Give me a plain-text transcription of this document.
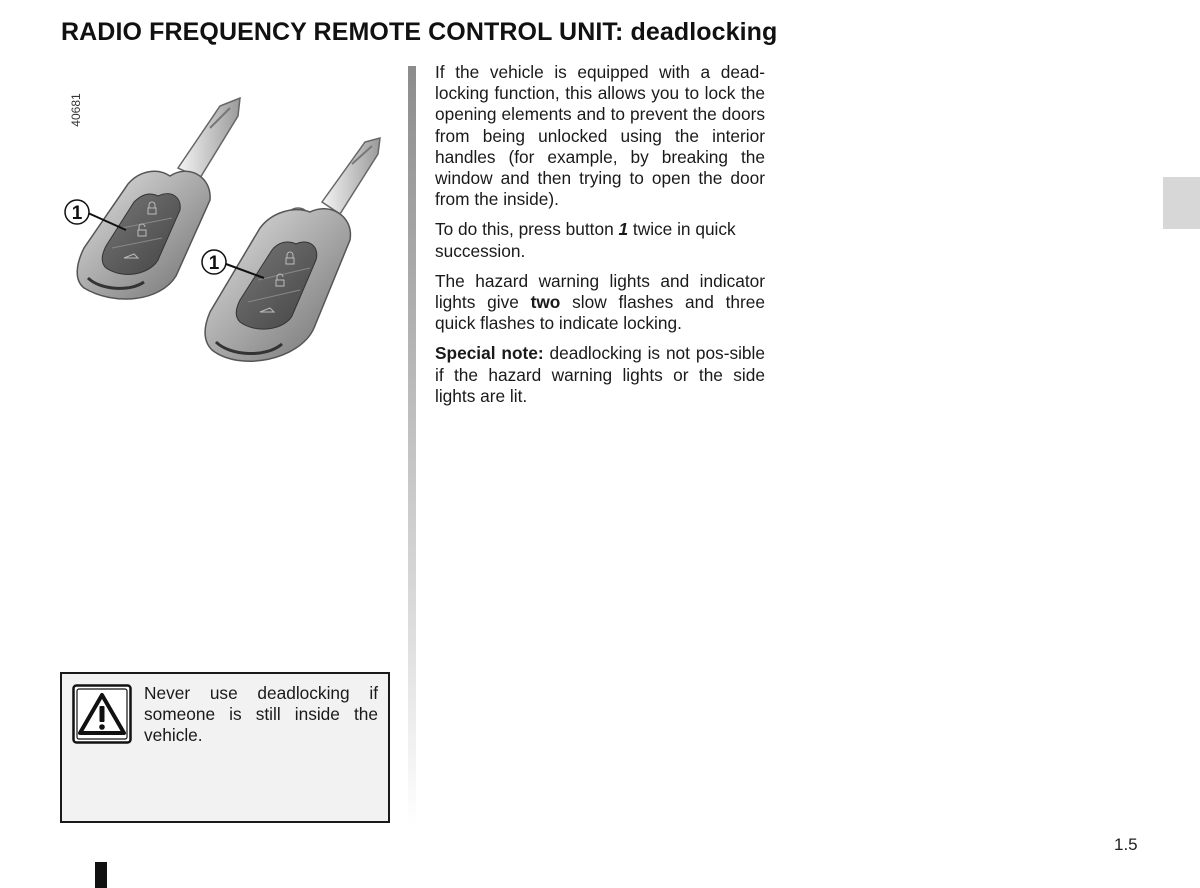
RADIO FREQUENCY REMOTE CONTROL UNIT: deadlocking
1
1
40681

If the vehicle is equipped with a dead-locking function, this allows you to lock the opening elements and to prevent the doors from being unlocked using the interior handles (for example, by breaking the window and then trying to open the door from the inside).

To do this, press button 1 twice in quick succession.

The hazard warning lights and indicator lights give two slow flashes and three quick flashes to indicate locking.

Special note: deadlocking is not pos-sible if the hazard warning lights or the side lights are lit.

Never use deadlocking if someone is still inside the vehicle.
1.5
